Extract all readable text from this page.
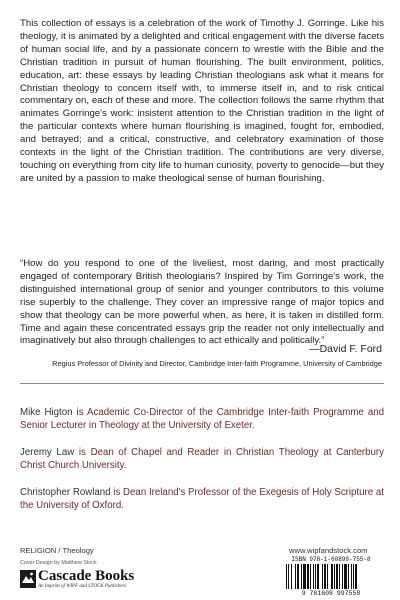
This collection of essays is a celebration of the work of Timothy J. Gorringe. Like his theology, it is animated by a delighted and critical engagement with the diverse facets of human social life, and by a passionate concern to wrestle with the Bible and the Christian tradition in pursuit of human flourishing. The built environment, politics, education, art: these essays by leading Christian theologians ask what it means for Christian theology to concern itself with, to immerse itself in, and to risk critical commentary on, each of these and more. The collection follows the same rhythm that animates Gorringe's work: insistent attention to the Christian tradition in the light of the particular contexts where human flourishing is imagined, fought for, embodied, and betrayed; and a critical, constructive, and celebratory examination of those contexts in the light of the Christian tradition. The contributions are very diverse, touching on everything from city life to human curiosity, poverty to genocide—but they are united by a passion to make theological sense of human flourishing.
“How do you respond to one of the liveliest, most daring, and most practically engaged of contemporary British theologians? Inspired by Tim Gorringe's work, the distinguished international group of senior and younger contributors to this volume rise superbly to the challenge. They cover an impressive range of major topics and show that theology can be more powerful when, as here, it is taken in distilled form. Time and again these concentrated essays grip the reader not only intellectually and imaginatively but also through challenges to act ethically and politically.”
—David F. Ford
Regius Professor of Divinity and Director, Cambridge Inter-faith Programme, University of Cambridge
Mike Higton is Academic Co-Director of the Cambridge Inter-faith Programme and Senior Lecturer in Theology at the University of Exeter.
Jeremy Law is Dean of Chapel and Reader in Christian Theology at Canterbury Christ Church University.
Christopher Rowland is Dean Ireland's Professor of the Exegesis of Holy Scripture at the University of Oxford.
RELIGION / Theology
Cover Design by Matthew Stock
www.wipfandstock.com
Cascade Books
An Imprint of WIPF and STOCK Publishers
ISBN 978-1-60899-755-8
9 781608 997558
